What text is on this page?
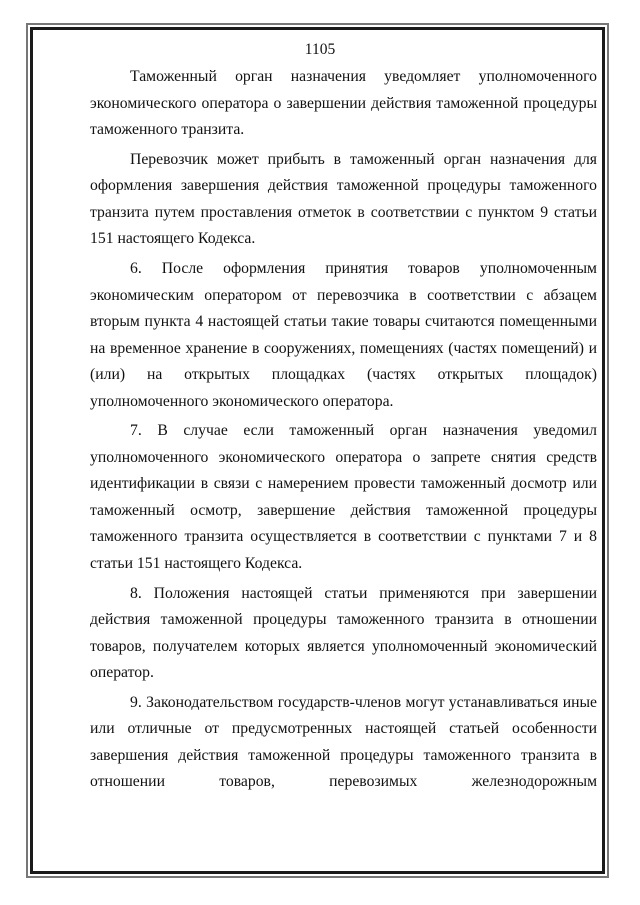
1105

Таможенный орган назначения уведомляет уполномоченного экономического оператора о завершении действия таможенной процедуры таможенного транзита.

Перевозчик может прибыть в таможенный орган назначения для оформления завершения действия таможенной процедуры таможенного транзита путем проставления отметок в соответствии с пунктом 9 статьи 151 настоящего Кодекса.

6. После оформления принятия товаров уполномоченным экономическим оператором от перевозчика в соответствии с абзацем вторым пункта 4 настоящей статьи такие товары считаются помещенными на временное хранение в сооружениях, помещениях (частях помещений) и (или) на открытых площадках (частях открытых площадок) уполномоченного экономического оператора.

7. В случае если таможенный орган назначения уведомил уполномоченного экономического оператора о запрете снятия средств идентификации в связи с намерением провести таможенный досмотр или таможенный осмотр, завершение действия таможенной процедуры таможенного транзита осуществляется в соответствии с пунктами 7 и 8 статьи 151 настоящего Кодекса.

8. Положения настоящей статьи применяются при завершении действия таможенной процедуры таможенного транзита в отношении товаров, получателем которых является уполномоченный экономический оператор.

9. Законодательством государств-членов могут устанавливаться иные или отличные от предусмотренных настоящей статьей особенности завершения действия таможенной процедуры таможенного транзита в отношении товаров, перевозимых железнодорожным
